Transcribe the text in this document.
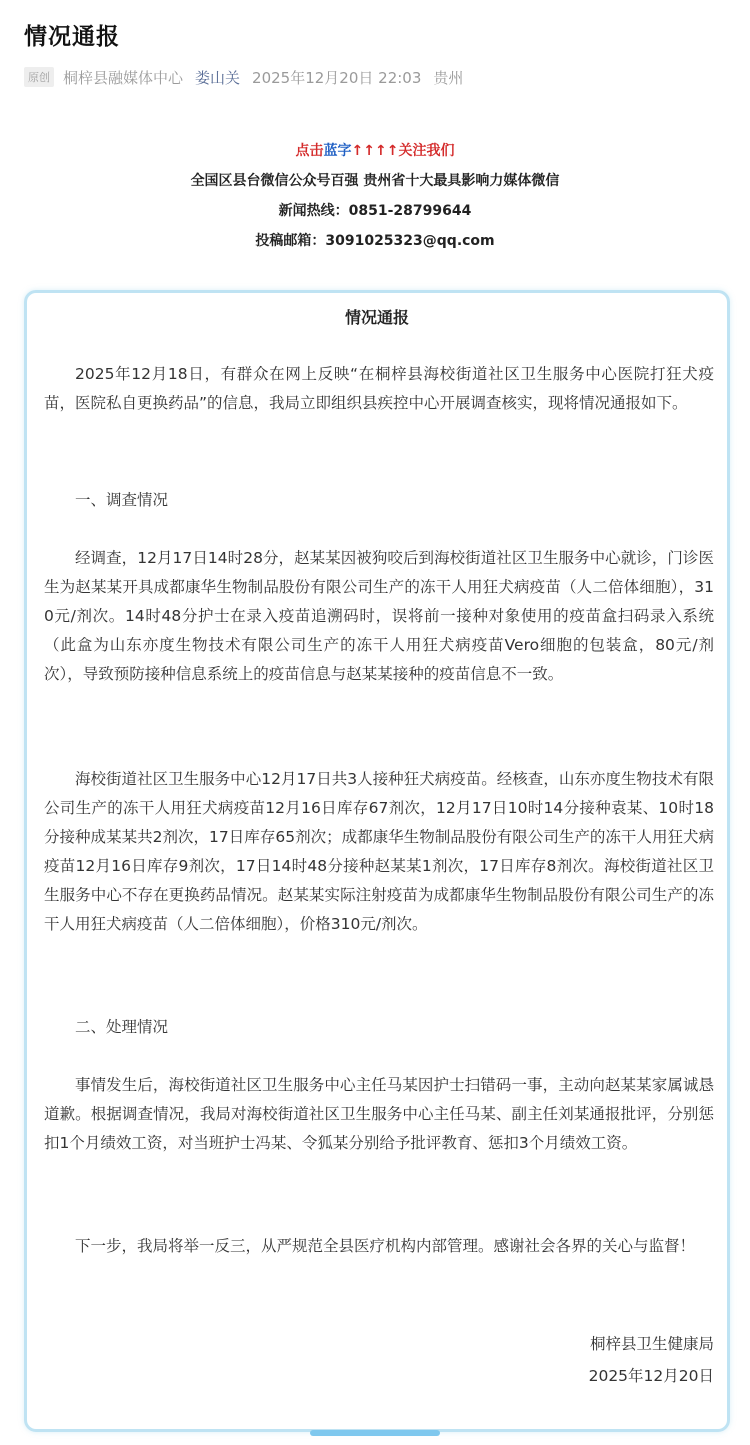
情况通报
原创 桐梓县融媒体中心 娄山关 2025年12月20日 22:03 贵州
点击蓝字↑↑↑↑关注我们
全国区县台微信公众号百强 贵州省十大最具影响力媒体微信
新闻热线：0851-28799644
投稿邮箱：3091025323@qq.com
情况通报

2025年12月18日，有群众在网上反映“在桐梓县海校街道社区卫生服务中心医院打狂犬疫苗，医院私自更换药品”的信息，我局立即组织县疾控中心开展调查核实，现将情况通报如下。

一、调查情况

经调查，12月17日14时28分，赵某某因被狗咬后到海校街道社区卫生服务中心就诊，门诊医生为赵某某开具成都康华生物制品股份有限公司生产的冻干人用狂犬病疫苗（人二倍体细胞），310元/剂次。14时48分护士在录入疫苗追溯码时，误将前一接种对象使用的疫苗盒扫码录入系统（此盒为山东亦度生物技术有限公司生产的冻干人用狂犬病疫苗Vero细胞的包装盒，80元/剂次），导致预防接种信息系统上的疫苗信息与赵某某接种的疫苗信息不一致。

海校街道社区卫生服务中心12月17日共3人接种狂犬病疫苗。经核查，山东亦度生物技术有限公司生产的冻干人用狂犬病疫苗12月16日库存67剂次，12月17日10时14分接种袁某、10时18分接种成某某共2剂次，17日库存65剂次；成都康华生物制品股份有限公司生产的冻干人用狂犬病疫苗12月16日库存9剂次，17日14时48分接种赵某某1剂次，17日库存8剂次。海校街道社区卫生服务中心不存在更换药品情况。赵某某实际注射疫苗为成都康华生物制品股份有限公司生产的冻干人用狂犬病疫苗（人二倍体细胞），价格310元/剂次。

二、处理情况

事情发生后，海校街道社区卫生服务中心主任马某因护士扫错码一事，主动向赵某某家属诚恳道歉。根据调查情况，我局对海校街道社区卫生服务中心主任马某、副主任刘某通报批评，分别惩扣1个月绩效工资，对当班护士冯某、令狐某分别给予批评教育、惩扣3个月绩效工资。

下一步，我局将举一反三，从严规范全县医疗机构内部管理。感谢社会各界的关心与监督！

桐梓县卫生健康局

2025年12月20日
